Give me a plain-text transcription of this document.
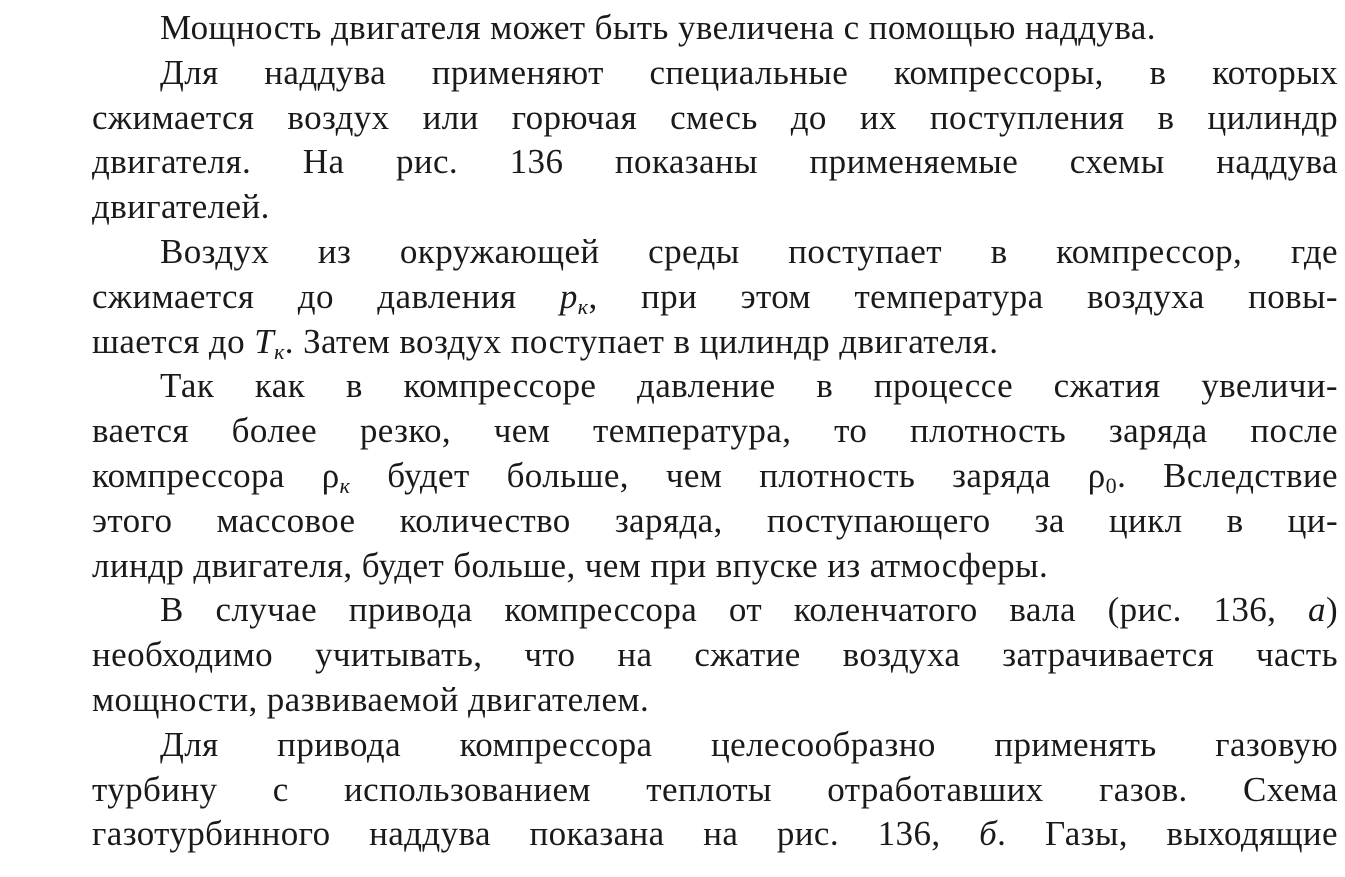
Мощность двигателя может быть увеличена с помощью наддува.
Для наддува применяют специальные компрессоры, в которых
сжимается воздух или горючая смесь до их поступления в цилиндр
двигателя. На рис. 136 показаны применяемые схемы наддува
двигателей.
Воздух из окружающей среды поступает в компрессор, где
сжимается до давления $p_к$, при этом температура воздуха повы-
шается до $T_к$. Затем воздух поступает в цилиндр двигателя.
Так как в компрессоре давление в процессе сжатия увеличи-
вается более резко, чем температура, то плотность заряда после
компрессора $\rho_к$ будет больше, чем плотность заряда $\rho_0$. Вследствие
этого массовое количество заряда, поступающего за цикл в ци-
линдр двигателя, будет больше, чем при впуске из атмосферы.
В случае привода компрессора от коленчатого вала (рис. 136, а)
необходимо учитывать, что на сжатие воздуха затрачивается часть
мощности, развиваемой двигателем.
Для привода компрессора целесообразно применять газовую
турбину с использованием теплоты отработавших газов. Схема
газотурбинного наддува показана на рис. 136, б. Газы, выходящие
